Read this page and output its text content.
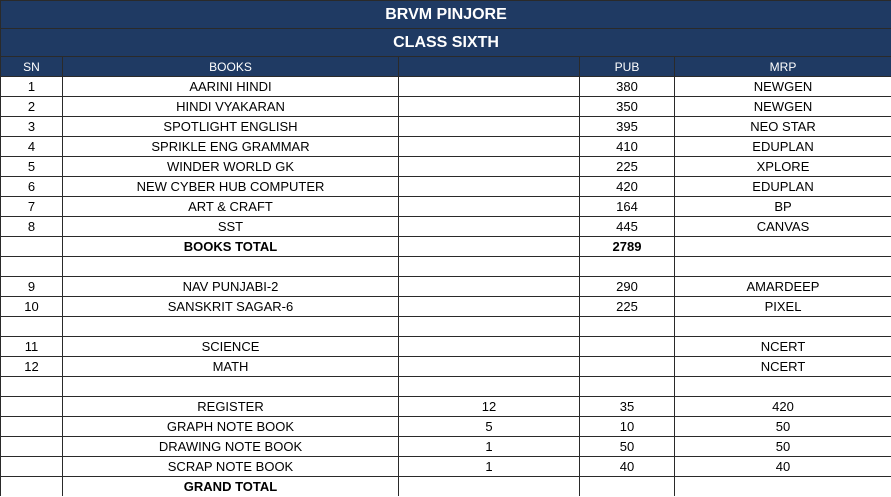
BRVM PINJORE				
CLASS SIXTH				
SN	BOOKS		PUB	MRP
1	AARINI HINDI		380	NEWGEN
2	HINDI VYAKARAN		350	NEWGEN
3	SPOTLIGHT ENGLISH		395	NEO STAR
4	SPRIKLE ENG GRAMMAR		410	EDUPLAN
5	WINDER WORLD GK		225	XPLORE
6	NEW CYBER HUB COMPUTER		420	EDUPLAN
7	ART & CRAFT		164	BP
8	SST		445	CANVAS
	BOOKS TOTAL		2789	

9	NAV PUNJABI-2		290	AMARDEEP
10	SANSKRIT SAGAR-6		225	PIXEL

11	SCIENCE			NCERT
12	MATH			NCERT

	REGISTER	12	35	420
	GRAPH NOTE BOOK	5	10	50
	DRAWING NOTE BOOK	1	50	50
	SCRAP NOTE BOOK	1	40	40
	GRAND TOTAL			
